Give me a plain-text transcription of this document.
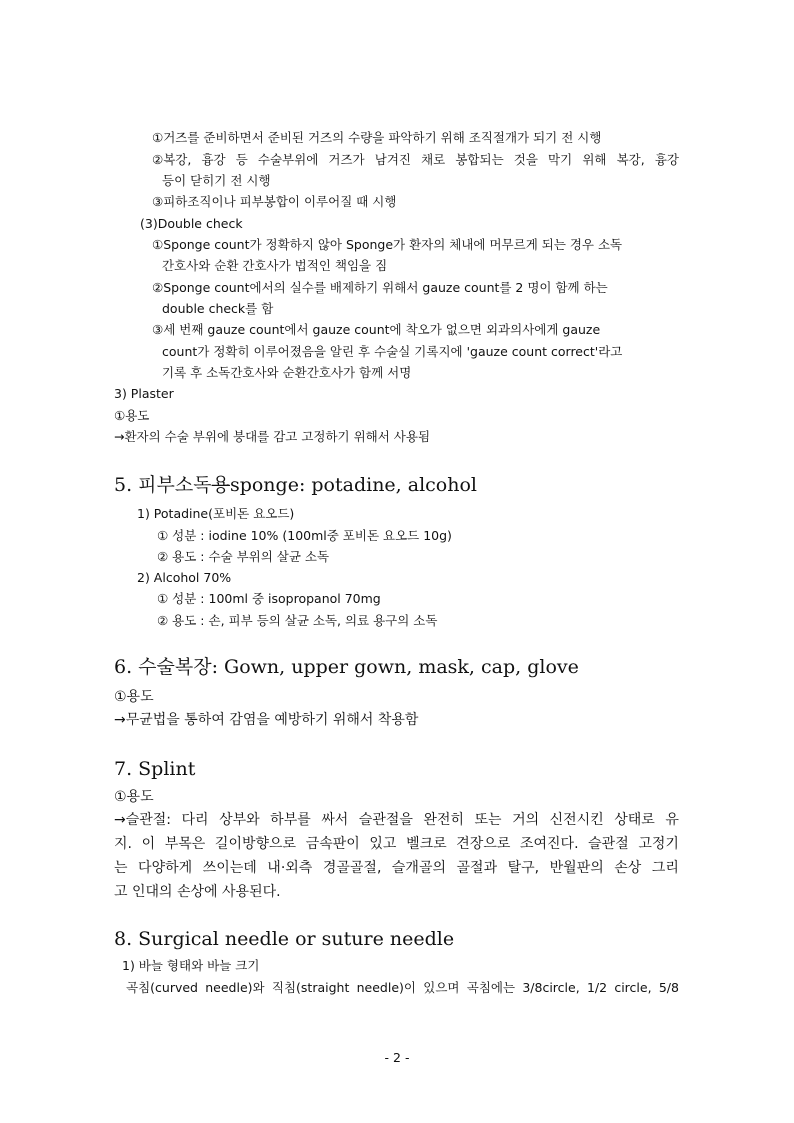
①거즈를 준비하면서 준비된 거즈의 수량을 파악하기 위해 조직절개가 되기 전 시행
②복강, 흉강 등 수술부위에 거즈가 남겨진 채로 봉합되는 것을 막기 위해 복강, 흉강
등이 닫히기 전 시행
③피하조직이나 피부봉합이 이루어질 때 시행
(3)Double check
①Sponge count가 정확하지 않아 Sponge가 환자의 체내에 머무르게 되는 경우 소독
간호사와 순환 간호사가 법적인 책임을 짐
②Sponge count에서의 실수를 배제하기 위해서 gauze count를 2 명이 함께 하는
double check를 함
③세 번째 gauze count에서 gauze count에 착오가 없으면 외과의사에게 gauze
count가 정확히 이루어졌음을 알린 후 수술실 기록지에 'gauze count correct'라고
기록 후 소독간호사와 순환간호사가 함께 서명
3) Plaster
①용도
→환자의 수술 부위에 붕대를 감고 고정하기 위해서 사용됨
5. 피부소독용sponge: potadine, alcohol
1) Potadine(포비돈 요오드)
① 성분 : iodine 10% (100ml중 포비돈 요오드 10g)
② 용도 : 수술 부위의 살균 소독
2) Alcohol 70%
① 성분 : 100ml 중 isopropanol 70mg
② 용도 : 손, 피부 등의 살균 소독, 의료 용구의 소독
6. 수술복장: Gown, upper gown, mask, cap, glove
①용도
→무균법을 통하여 감염을 예방하기 위해서 착용함
7. Splint
①용도
→슬관절: 다리 상부와 하부를 싸서 슬관절을 완전히 또는 거의 신전시킨 상태로 유
지. 이 부목은 길이방향으로 금속판이 있고 벨크로 견장으로 조여진다. 슬관절 고정기
는 다양하게 쓰이는데 내·외측 경골골절, 슬개골의 골절과 탈구, 반월판의 손상 그리
고 인대의 손상에 사용된다.
8. Surgical needle or suture needle
1) 바늘 형태와 바늘 크기
곡침(curved needle)와 직침(straight needle)이 있으며 곡침에는 3/8circle, 1/2 circle, 5/8
- 2 -
